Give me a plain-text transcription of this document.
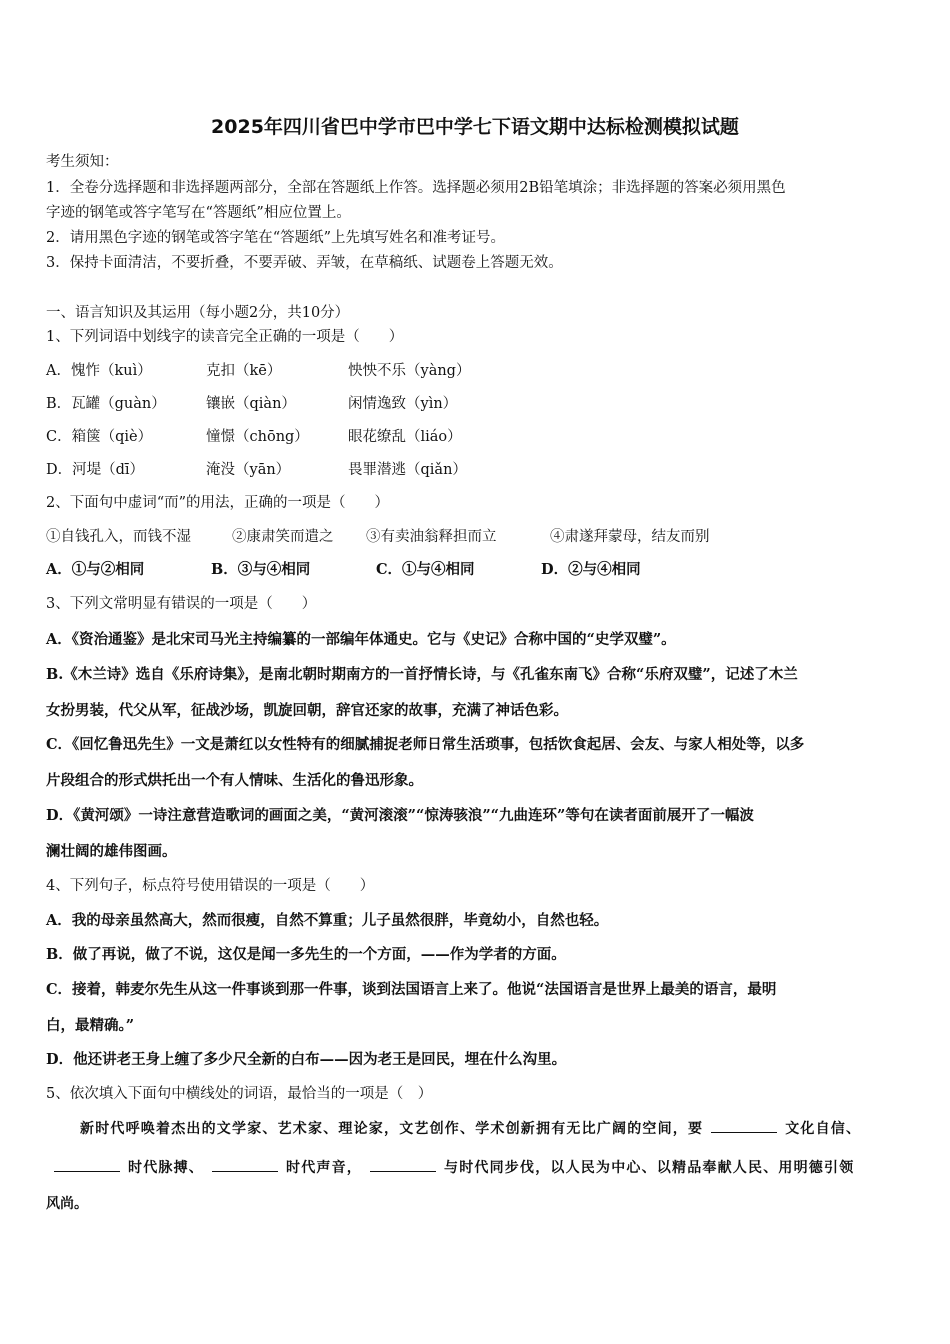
2025年四川省巴中学市巴中学七下语文期中达标检测模拟试题
考生须知：
1．全卷分选择题和非选择题两部分，全部在答题纸上作答。选择题必须用2B铅笔填涂；非选择题的答案必须用黑色
字迹的钢笔或答字笔写在“答题纸”相应位置上。
2．请用黑色字迹的钢笔或答字笔在“答题纸”上先填写姓名和准考证号。
3．保持卡面清洁，不要折叠，不要弄破、弄皱，在草稿纸、试题卷上答题无效。
一、语言知识及其运用（每小题2分，共10分）
1、下列词语中划线字的读音完全正确的一项是（　　）
A．愧怍（kuì）	克扣（kē）	怏怏不乐（yàng）
B．瓦罐（guàn）	镶嵌（qiàn）	闲情逸致（yìn）
C．箱箧（qiè）	憧憬（chōng）	眼花缭乱（liáo）
D．河堤（dī）	淹没（yān）	畏罪潜逃（qiǎn）
2、下面句中虚词“而”的用法，正确的一项是（　　）
①自钱孔入，而钱不湿	②康肃笑而遣之 ③有卖油翁释担而立	④肃遂拜蒙母，结友而别
A．①与②相同	B．③与④相同	C．①与④相同	D．②与④相同
3、下列文常明显有错误的一项是（　　）
A．《资治通鉴》是北宋司马光主持编纂的一部编年体通史。它与《史记》合称中国的“史学双璧”。
B.《木兰诗》选自《乐府诗集》，是南北朝时期南方的一首抒情长诗，与《孔雀东南飞》合称“乐府双璧”，记述了木兰
女扮男装，代父从军，征战沙场，凯旋回朝，辞官还家的故事，充满了神话色彩。
C．《回忆鲁迅先生》一文是萧红以女性特有的细腻捕捉老师日常生活琐事，包括饮食起居、会友、与家人相处等，以多
片段组合的形式烘托出一个有人情味、生活化的鲁迅形象。
D．《黄河颂》一诗注意营造歌词的画面之美，“黄河滚滚”“惊涛骇浪”“九曲连环”等句在读者面前展开了一幅波
澜壮阔的雄伟图画。
4、下列句子，标点符号使用错误的一项是（　　）
A．我的母亲虽然高大，然而很瘦，自然不算重；儿子虽然很胖，毕竟幼小，自然也轻。
B．做了再说，做了不说，这仅是闻一多先生的一个方面，——作为学者的方面。
C．接着，韩麦尔先生从这一件事谈到那一件事，谈到法国语言上来了。他说“法国语言是世界上最美的语言，最明
白，最精确。”
D．他还讲老王身上缠了多少尺全新的白布——因为老王是回民，埋在什么沟里。
5、依次填入下面句中横线处的词语，最恰当的一项是（　）
新时代呼唤着杰出的文学家、艺术家、理论家，文艺创作、学术创新拥有无比广阔的空间，要	文化自信、
时代脉搏、	时代声音，	与时代同步伐，以人民为中心、以精品奉献人民、用明德引领
风尚。
